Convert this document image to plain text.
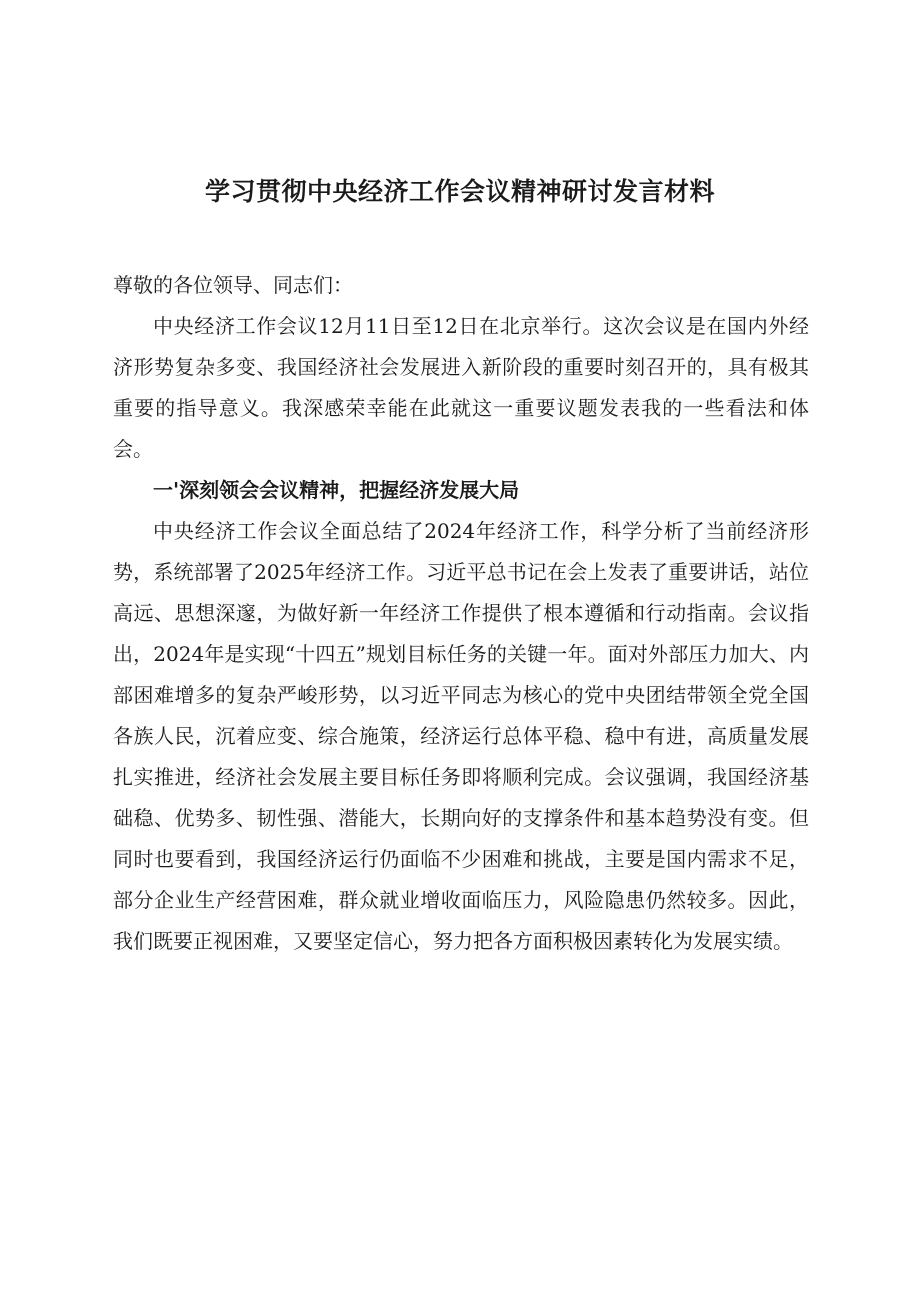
学习贯彻中央经济工作会议精神研讨发言材料

尊敬的各位领导、同志们：

中央经济工作会议12月11日至12日在北京举行。这次会议是在国内外经济形势复杂多变、我国经济社会发展进入新阶段的重要时刻召开的，具有极其重要的指导意义。我深感荣幸能在此就这一重要议题发表我的一些看法和体会。

一'深刻领会会议精神，把握经济发展大局

中央经济工作会议全面总结了2024年经济工作，科学分析了当前经济形势，系统部署了2025年经济工作。习近平总书记在会上发表了重要讲话，站位高远、思想深邃，为做好新一年经济工作提供了根本遵循和行动指南。会议指出，2024年是实现“十四五”规划目标任务的关键一年。面对外部压力加大、内部困难增多的复杂严峻形势，以习近平同志为核心的党中央团结带领全党全国各族人民，沉着应变、综合施策，经济运行总体平稳、稳中有进，高质量发展扎实推进，经济社会发展主要目标任务即将顺利完成。会议强调，我国经济基础稳、优势多、韧性强、潜能大，长期向好的支撑条件和基本趋势没有变。但同时也要看到，我国经济运行仍面临不少困难和挑战，主要是国内需求不足，部分企业生产经营困难，群众就业增收面临压力，风险隐患仍然较多。因此，我们既要正视困难，又要坚定信心，努力把各方面积极因素转化为发展实绩。
